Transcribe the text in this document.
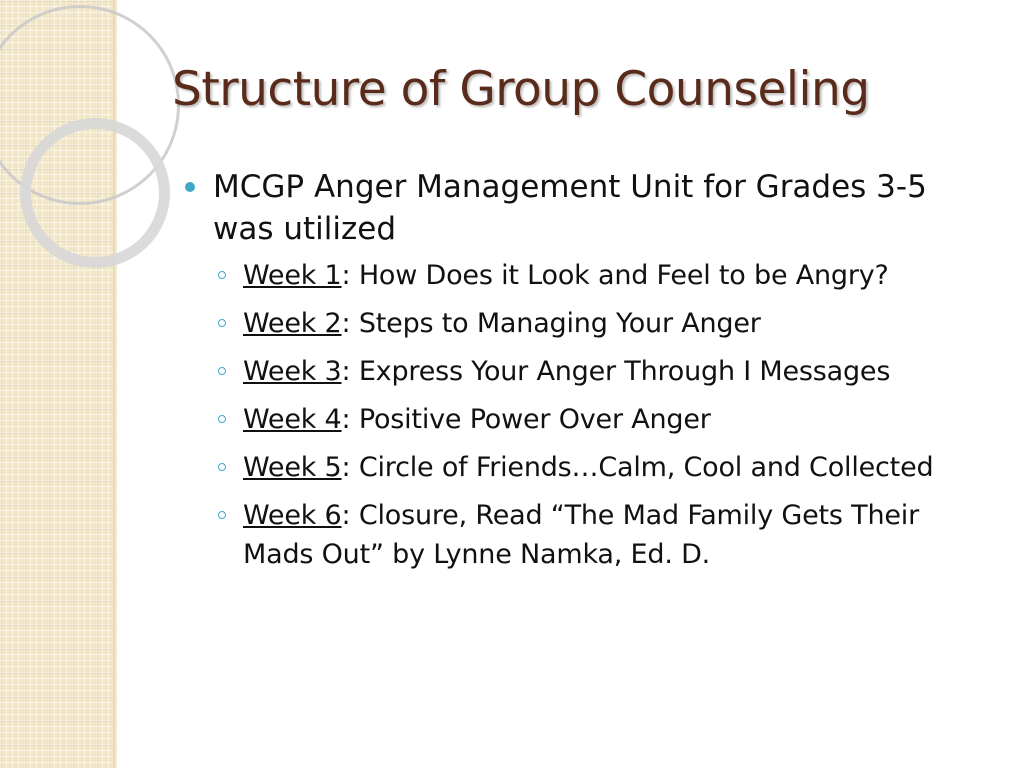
Structure of Group Counseling
MCGP Anger Management Unit for Grades 3-5 was utilized
Week 1: How Does it Look and Feel to be Angry?
Week 2: Steps to Managing Your Anger
Week 3: Express Your Anger Through I Messages
Week 4: Positive Power Over Anger
Week 5: Circle of Friends…Calm, Cool and Collected
Week 6: Closure, Read “The Mad Family Gets Their Mads Out” by Lynne Namka, Ed. D.
